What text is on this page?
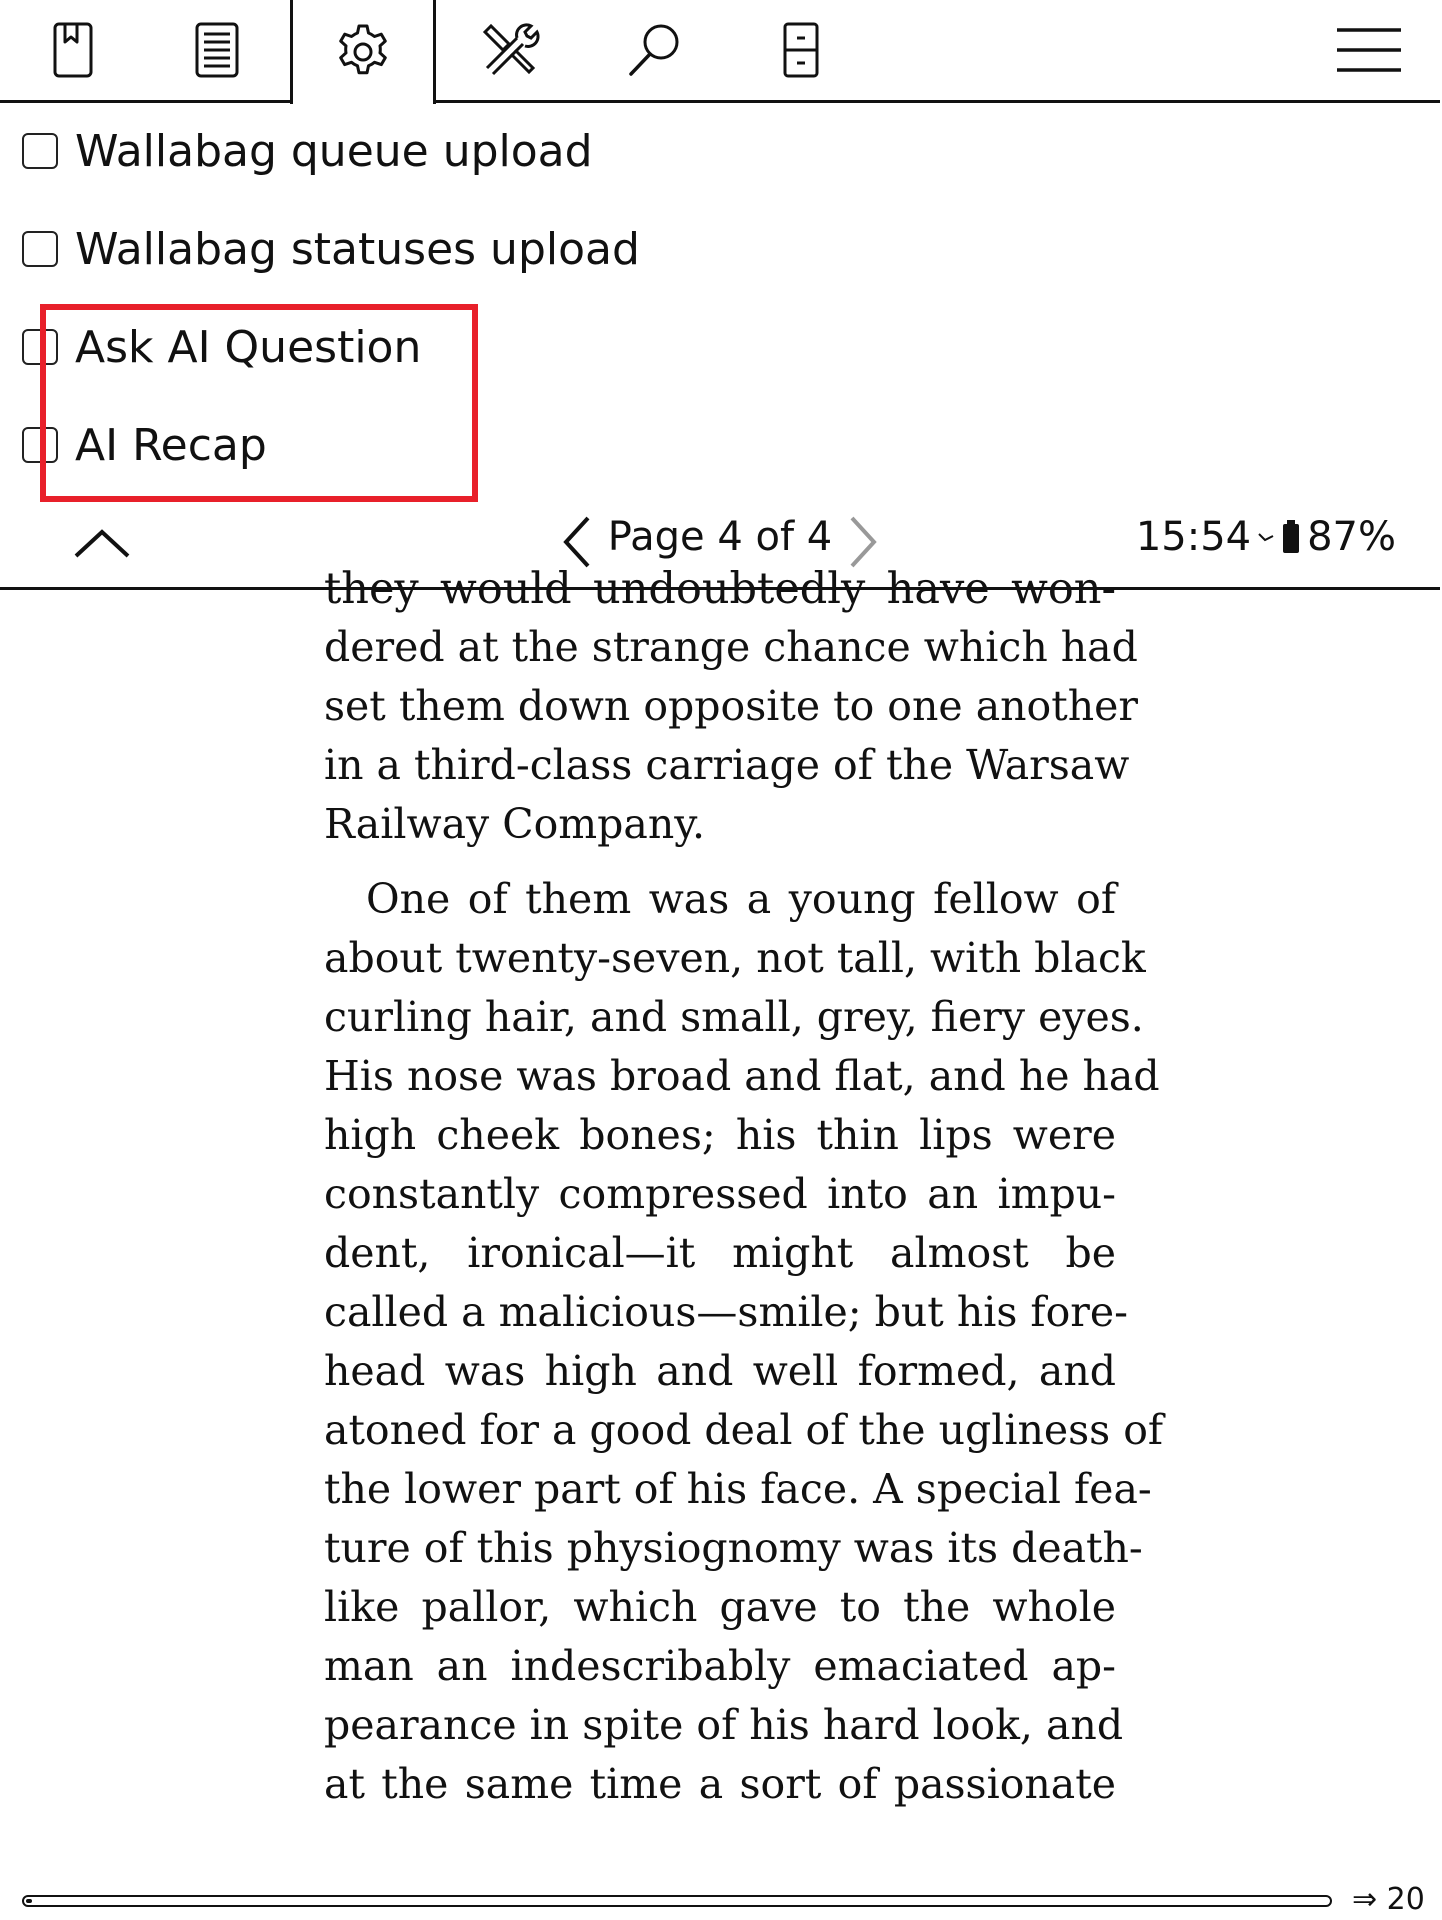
Wallabag queue upload
Wallabag statuses upload
Ask AI Question
AI Recap
Page 4 of 4	15:54 87%
they would undoubtedly have won-
dered at the strange chance which had
set them down opposite to one another
in a third-class carriage of the Warsaw
Railway Company.
One of them was a young fellow of
about twenty-seven, not tall, with black
curling hair, and small, grey, fiery eyes.
His nose was broad and flat, and he had
high cheek bones; his thin lips were
constantly compressed into an impu-
dent, ironical—it might almost be
called a malicious—smile; but his fore-
head was high and well formed, and
atoned for a good deal of the ugliness of
the lower part of his face. A special fea-
ture of this physiognomy was its death-
like pallor, which gave to the whole
man an indescribably emaciated ap-
pearance in spite of his hard look, and
at the same time a sort of passionate
⇒ 20
